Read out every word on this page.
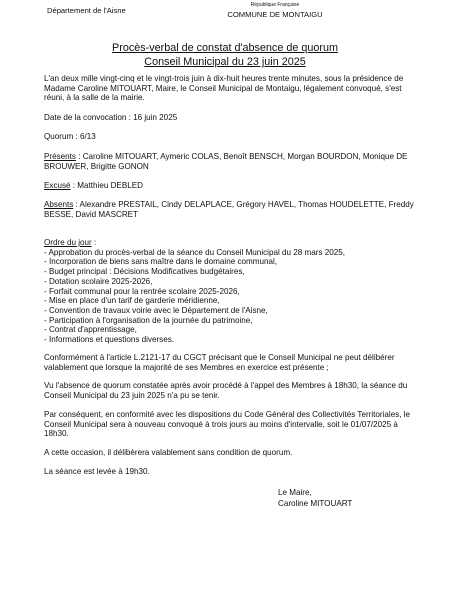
Département de l'Aisne
République Française
COMMUNE DE MONTAIGU
Procès-verbal de constat d'absence de quorum
Conseil Municipal du 23 juin 2025

L'an deux mille vingt-cinq et le vingt-trois juin à dix-huit heures trente minutes, sous la présidence de Madame Caroline MITOUART, Maire, le Conseil Municipal de Montaigu, légalement convoqué, s'est réuni, à la salle de la mairie.

Date de la convocation : 16 juin 2025

Quorum : 6/13

Présents : Caroline MITOUART, Aymeric COLAS, Benoît BENSCH, Morgan BOURDON, Monique DE BROUWER, Brigitte GONON

Excusé : Matthieu DEBLED

Absents : Alexandre PRESTAIL, Cindy DELAPLACE, Grégory HAVEL, Thomas HOUDELETTE, Freddy BESSE, David MASCRET

Ordre du jour :
- Approbation du procès-verbal de la séance du Conseil Municipal du 28 mars 2025,
- Incorporation de biens sans maître dans le domaine communal,
- Budget principal : Décisions Modificatives budgétaires,
- Dotation scolaire 2025-2026,
- Forfait communal pour la rentrée scolaire 2025-2026,
- Mise en place d'un tarif de garderie méridienne,
- Convention de travaux voirie avec le Département de l'Aisne,
- Participation à l'organisation de la journée du patrimoine,
- Contrat d'apprentissage,
- Informations et questions diverses.

Conformément à l'article L.2121-17 du CGCT précisant que le Conseil Municipal ne peut délibérer valablement que lorsque la majorité de ses Membres en exercice est présente ;

Vu l'absence de quorum constatée après avoir procédé à l'appel des Membres à 18h30, la séance du Conseil Municipal du 23 juin 2025 n'a pu se tenir.

Par conséquent, en conformité avec les dispositions du Code Général des Collectivités Territoriales, le Conseil Municipal sera à nouveau convoqué à trois jours au moins d'intervalle, soit le 01/07/2025 à 18h30.

A cette occasion, il délibèrera valablement sans condition de quorum.

La séance est levée à 19h30.

Le Maire,
Caroline MITOUART
